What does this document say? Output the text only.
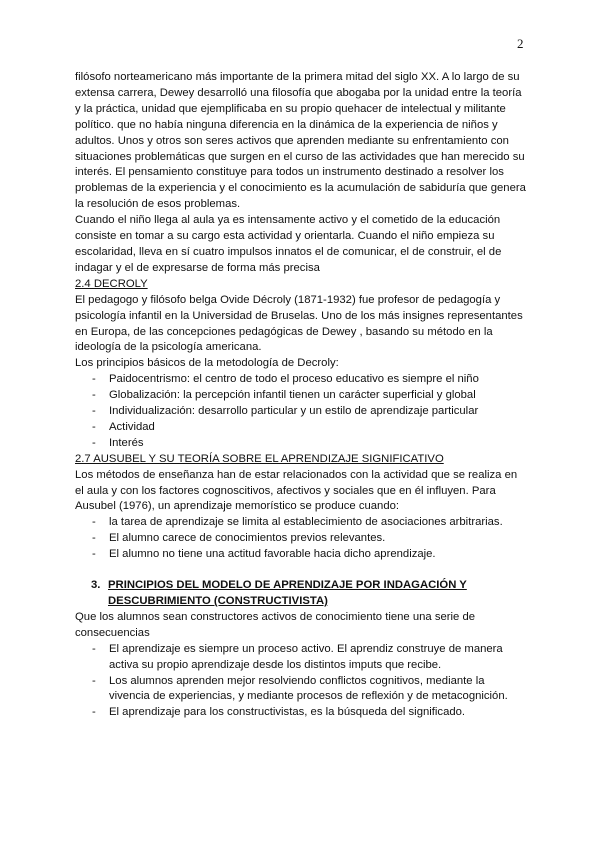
2

filósofo norteamericano más importante de la primera mitad del siglo XX. A lo largo de su extensa carrera, Dewey desarrolló una filosofía que abogaba por la unidad entre la teoría y la práctica, unidad que ejemplificaba en su propio quehacer de intelectual y militante político. que no había ninguna diferencia en la dinámica de la experiencia de niños y adultos. Unos y otros son seres activos que aprenden mediante su enfrentamiento con situaciones problemáticas que surgen en el curso de las actividades que han merecido su interés. El pensamiento constituye para todos un instrumento destinado a resolver los problemas de la experiencia y el conocimiento es la acumulación de sabiduría que genera la resolución de esos problemas.

Cuando el niño llega al aula ya es intensamente activo y el cometido de la educación consiste en tomar a su cargo esta actividad y orientarla. Cuando el niño empieza su escolaridad, lleva en sí cuatro impulsos innatos el de comunicar, el de construir, el de indagar y el de expresarse de forma más precisa

2.4 DECROLY

El pedagogo y filósofo belga Ovide Décroly (1871-1932) fue profesor de pedagogía y psicología infantil en la Universidad de Bruselas. Uno de los más insignes representantes en Europa, de las concepciones pedagógicas de Dewey , basando su método en la ideología de la psicología americana.

Los principios básicos de la metodología de Decroly:

- Paidocentrismo: el centro de todo el proceso educativo es siempre el niño
- Globalización: la percepción infantil tienen un carácter superficial y global
- Individualización: desarrollo particular y un estilo de aprendizaje particular
- Actividad
- Interés

2.7 AUSUBEL Y SU TEORÍA SOBRE EL APRENDIZAJE SIGNIFICATIVO

Los métodos de enseñanza han de estar relacionados con la actividad que se realiza en el aula y con los factores cognoscitivos, afectivos y sociales que en él influyen. Para Ausubel (1976), un aprendizaje memorístico se produce cuando:

- la tarea de aprendizaje se limita al establecimiento de asociaciones arbitrarias.
- El alumno carece de conocimientos previos relevantes.
- El alumno no tiene una actitud favorable hacia dicho aprendizaje.
3. PRINCIPIOS DEL MODELO DE APRENDIZAJE POR INDAGACIÓN Y DESCUBRIMIENTO (CONSTRUCTIVISTA)

Que los alumnos sean constructores activos de conocimiento tiene una serie de consecuencias

- El aprendizaje es siempre un proceso activo. El aprendiz construye de manera activa su propio aprendizaje desde los distintos imputs que recibe.
- Los alumnos aprenden mejor resolviendo conflictos cognitivos, mediante la vivencia de experiencias, y mediante procesos de reflexión y de metacognición.
- El aprendizaje para los constructivistas, es la búsqueda del significado.
